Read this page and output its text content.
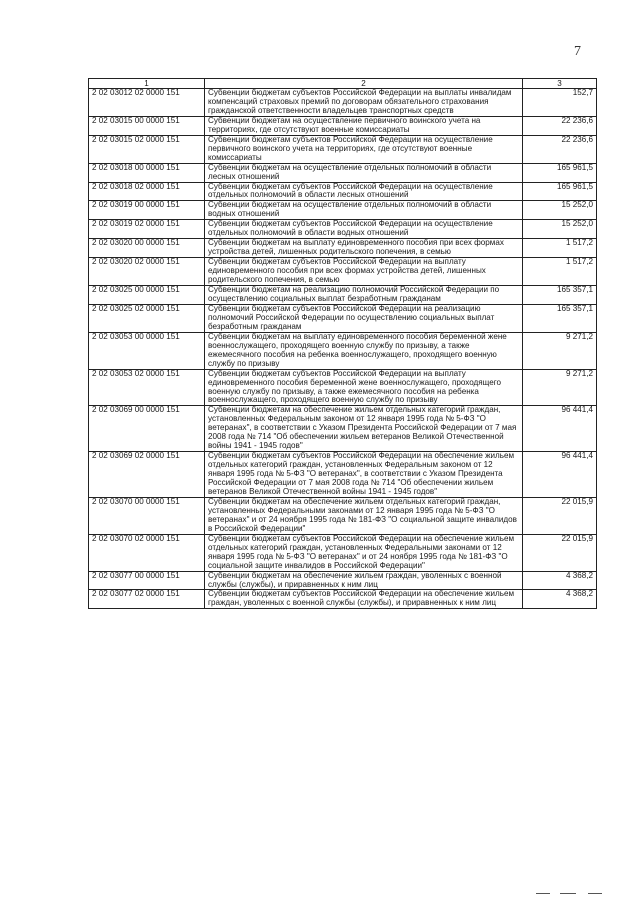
7
1	2	3
2 02 03012 02 0000 151	Субвенции бюджетам субъектов Российской Федерации на выплаты инвалидам компенсаций страховых премий по договорам обязательного страхования гражданской ответственности владельцев транспортных средств	152,7
2 02 03015 00 0000 151	Субвенции бюджетам на осуществление первичного воинского учета на территориях, где отсутствуют военные комиссариаты	22 236,6
2 02 03015 02 0000 151	Субвенции бюджетам субъектов Российской Федерации на осуществление первичного воинского учета на территориях, где отсутствуют военные комиссариаты	22 236,6
2 02 03018 00 0000 151	Субвенции бюджетам на осуществление отдельных полномочий в области лесных отношений	165 961,5
2 02 03018 02 0000 151	Субвенции бюджетам субъектов Российской Федерации на осуществление отдельных полномочий в области лесных отношений	165 961,5
2 02 03019 00 0000 151	Субвенции бюджетам на осуществление отдельных полномочий в области водных отношений	15 252,0
2 02 03019 02 0000 151	Субвенции бюджетам субъектов Российской Федерации на осуществление отдельных полномочий в области водных отношений	15 252,0
2 02 03020 00 0000 151	Субвенции бюджетам на выплату единовременного пособия при всех формах устройства детей, лишенных родительского попечения, в семью	1 517,2
2 02 03020 02 0000 151	Субвенции бюджетам субъектов Российской Федерации на выплату единовременного пособия при всех формах устройства детей, лишенных родительского попечения, в семью	1 517,2
2 02 03025 00 0000 151	Субвенции бюджетам на реализацию полномочий Российской Федерации по осуществлению социальных выплат безработным гражданам	165 357,1
2 02 03025 02 0000 151	Субвенции бюджетам субъектов Российской Федерации на реализацию полномочий Российской Федерации по осуществлению социальных выплат безработным гражданам	165 357,1
2 02 03053 00 0000 151	Субвенции бюджетам на выплату единовременного пособия беременной жене военнослужащего, проходящего военную службу по призыву, а также ежемесячного пособия на ребенка военнослужащего, проходящего военную службу по призыву	9 271,2
2 02 03053 02 0000 151	Субвенции бюджетам субъектов Российской Федерации на выплату единовременного пособия беременной жене военнослужащего, проходящего военную службу по призыву, а также ежемесячного пособия на ребенка военнослужащего, проходящего военную службу по призыву	9 271,2
2 02 03069 00 0000 151	Субвенции бюджетам на обеспечение жильем отдельных категорий граждан, установленных Федеральным законом от 12 января 1995 года № 5-ФЗ "О ветеранах", в соответствии с Указом Президента Российской Федерации от 7 мая 2008 года № 714 "Об обеспечении жильем ветеранов Великой Отечественной войны 1941 - 1945 годов"	96 441,4
2 02 03069 02 0000 151	Субвенции бюджетам субъектов Российской Федерации на обеспечение жильем отдельных категорий граждан, установленных Федеральным законом от 12 января 1995 года № 5-ФЗ "О ветеранах", в соответствии с Указом Президента Российской Федерации от 7 мая 2008 года № 714 "Об обеспечении жильем ветеранов Великой Отечественной войны 1941 - 1945 годов"	96 441,4
2 02 03070 00 0000 151	Субвенции бюджетам на обеспечение жильем отдельных категорий граждан, установленных Федеральными законами от 12 января 1995 года № 5-ФЗ "О ветеранах" и от 24 ноября 1995 года № 181-ФЗ "О социальной защите инвалидов в Российской Федерации"	22 015,9
2 02 03070 02 0000 151	Субвенции бюджетам субъектов Российской Федерации на обеспечение жильем отдельных категорий граждан, установленных Федеральными законами от 12 января 1995 года № 5-ФЗ "О ветеранах" и от 24 ноября 1995 года № 181-ФЗ "О социальной защите инвалидов в Российской Федерации"	22 015,9
2 02 03077 00 0000 151	Субвенции бюджетам на обеспечение жильем граждан, уволенных с военной службы (службы), и приравненных к ним лиц	4 368,2
2 02 03077 02 0000 151	Субвенции бюджетам субъектов Российской Федерации на обеспечение жильем граждан, уволенных с военной службы (службы), и приравненных к ним лиц	4 368,2
